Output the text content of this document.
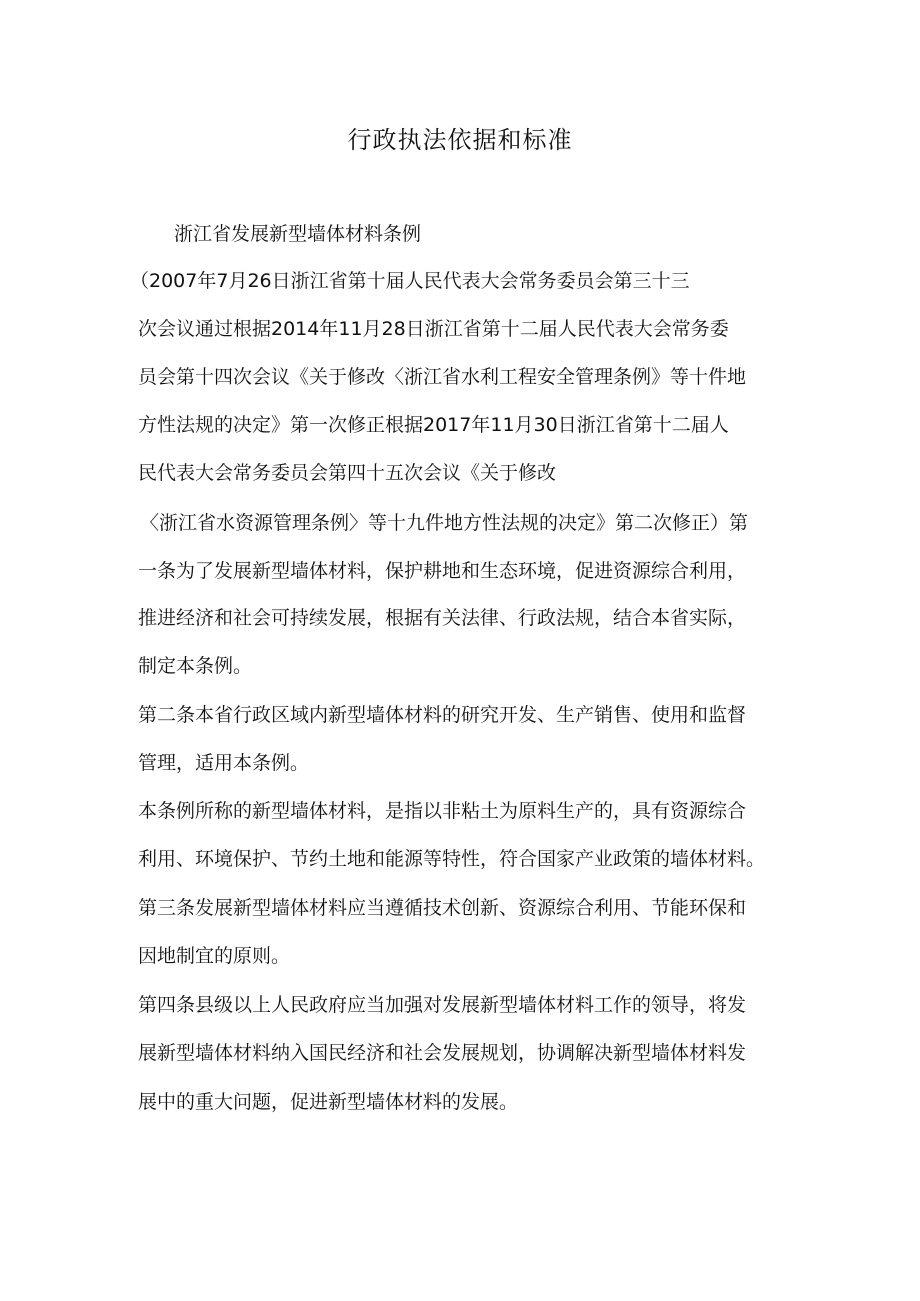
行政执法依据和标准
浙江省发展新型墙体材料条例
（2007年7月26日浙江省第十届人民代表大会常务委员会第三十三
次会议通过根据2014年11月28日浙江省第十二届人民代表大会常务委
员会第十四次会议《关于修改〈浙江省水利工程安全管理条例》等十件地
方性法规的决定》第一次修正根据2017年11月30日浙江省第十二届人
民代表大会常务委员会第四十五次会议《关于修改
〈浙江省水资源管理条例〉等十九件地方性法规的决定》第二次修正）第
一条为了发展新型墙体材料，保护耕地和生态环境，促进资源综合利用，
推进经济和社会可持续发展，根据有关法律、行政法规，结合本省实际，
制定本条例。
第二条本省行政区域内新型墙体材料的研究开发、生产销售、使用和监督
管理，适用本条例。
本条例所称的新型墙体材料，是指以非粘土为原料生产的，具有资源综合
利用、环境保护、节约土地和能源等特性，符合国家产业政策的墙体材料。
第三条发展新型墙体材料应当遵循技术创新、资源综合利用、节能环保和
因地制宜的原则。
第四条县级以上人民政府应当加强对发展新型墙体材料工作的领导，将发
展新型墙体材料纳入国民经济和社会发展规划，协调解决新型墙体材料发
展中的重大问题，促进新型墙体材料的发展。
